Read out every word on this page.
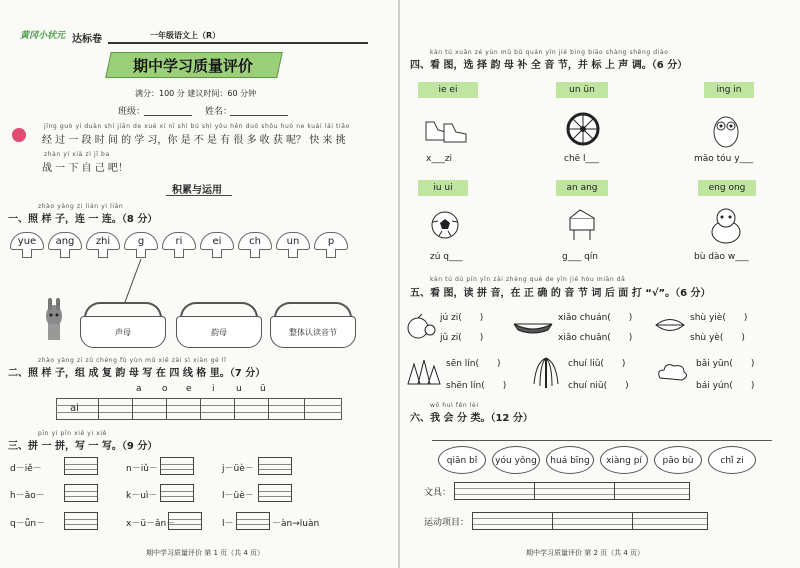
黄冈小状元 达标卷	一年级语文上（R）
期中学习质量评价
满分：100 分 建议时间：60 分钟
班级：	姓名：
jīng guò yí duàn shí jiān de xué xí nǐ shì bú shì yǒu hěn duō shōu huò ne kuài lái tiāo
经 过 一 段 时 间 的 学 习，你 是 不 是 有 很 多 收 获 呢？ 快 来 挑
zhàn yí xià zì jǐ ba
战 一 下 自 己 吧！
积累与运用
zhào yàng zi lián yi lián
一、照 样 子，连 一 连。（8 分）
yue	ang	zhi	g	ri	ei	ch	un	p
声母	韵母	整体认读音节
zhào yàng zi zǔ chéng fù yùn mǔ xiě zài sì xiàn gé lǐ
二、照 样 子，组 成 复 韵 母 写 在 四 线 格 里。（7 分）
a o e i u ü
ai
pīn yi pīn xiě yi xiě
三、拼 一 拼，写 一 写。（9 分）
d－iě－	n－iǔ－	j－üè－
h－ǎo－	k－uì－	l－üè－
q－ǖn－	x－ü－ǎn－	l－	－àn→luàn
期中学习质量评价 第 1 页（共 4 页）
kàn tú xuǎn zé yùn mǔ bǔ quán yīn jié bìng biāo shàng shēng diào
四、看 图，选 择 韵 母 补 全 音 节，并 标 上 声 调。（6 分）
ie ei	un ün	ing in
x___zi	chē l___	māo tóu y___
iu ui	an ang	eng ong
zú q___	g___ qín	bù dào w___
kàn tú dú pīn yīn zài zhèng què de yīn jié hòu miàn dǎ
五、看 图，读 拼 音，在 正 确 的 音 节 词 后 面 打 “√”。（6 分）
jú zi(　　)
jǔ zi(　　)
xiǎo chuán(　　)
xiǎo chuǎn(　　)
shù yiè(　　)
shù yè(　　)
sēn lín(　　)
shēn lín(　　)
chuí liǔ(　　)
chuí niǔ(　　)
bǎi yūn(　　)
bái yún(　　)
wǒ huì fēn lèi
六、我 会 分 类。（12 分）
qiān bǐ	yóu yǒng	huá bīng	xiàng pí	pāo bù	chǐ zi
文具：
运动项目：
期中学习质量评价 第 2 页（共 4 页）
